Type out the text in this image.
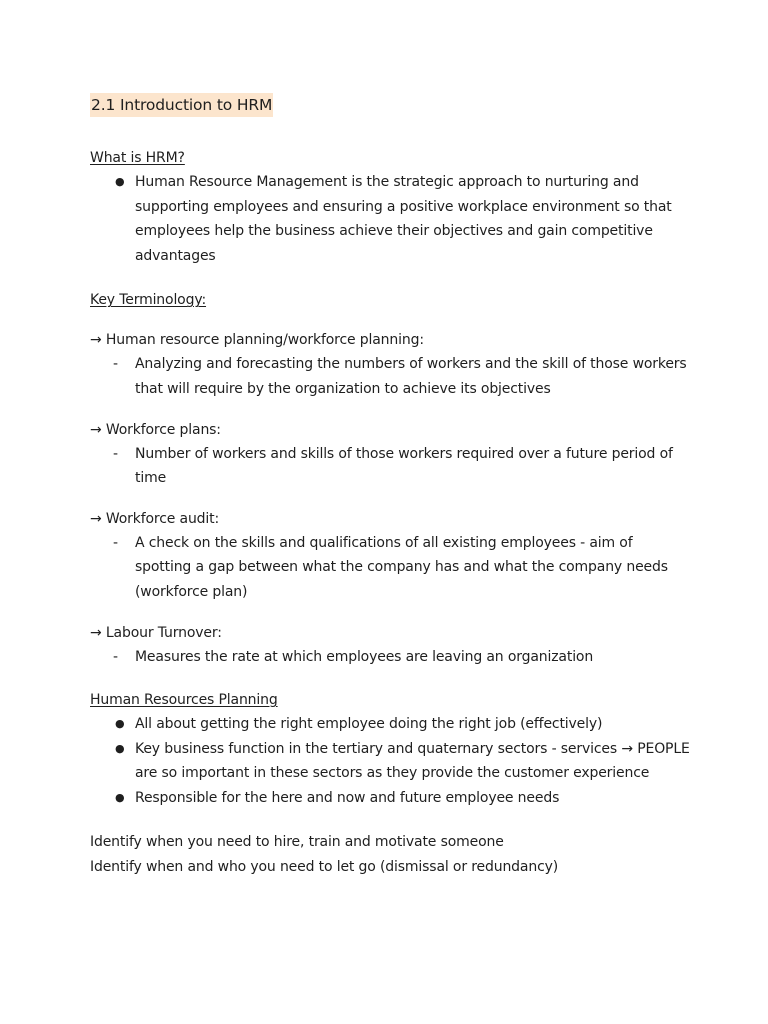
2.1 Introduction to HRM

What is HRM?

● Human Resource Management is the strategic approach to nurturing and supporting employees and ensuring a positive workplace environment so that employees help the business achieve their objectives and gain competitive advantages

Key Terminology:

→ Human resource planning/workforce planning:

- Analyzing and forecasting the numbers of workers and the skill of those workers that will require by the organization to achieve its objectives

→ Workforce plans:

- Number of workers and skills of those workers required over a future period of time

→ Workforce audit:

- A check on the skills and qualifications of all existing employees - aim of spotting a gap between what the company has and what the company needs (workforce plan)

→ Labour Turnover:

- Measures the rate at which employees are leaving an organization

Human Resources Planning

● All about getting the right employee doing the right job (effectively)
● Key business function in the tertiary and quaternary sectors - services → PEOPLE are so important in these sectors as they provide the customer experience
● Responsible for the here and now and future employee needs

Identify when you need to hire, train and motivate someone

Identify when and who you need to let go (dismissal or redundancy)
